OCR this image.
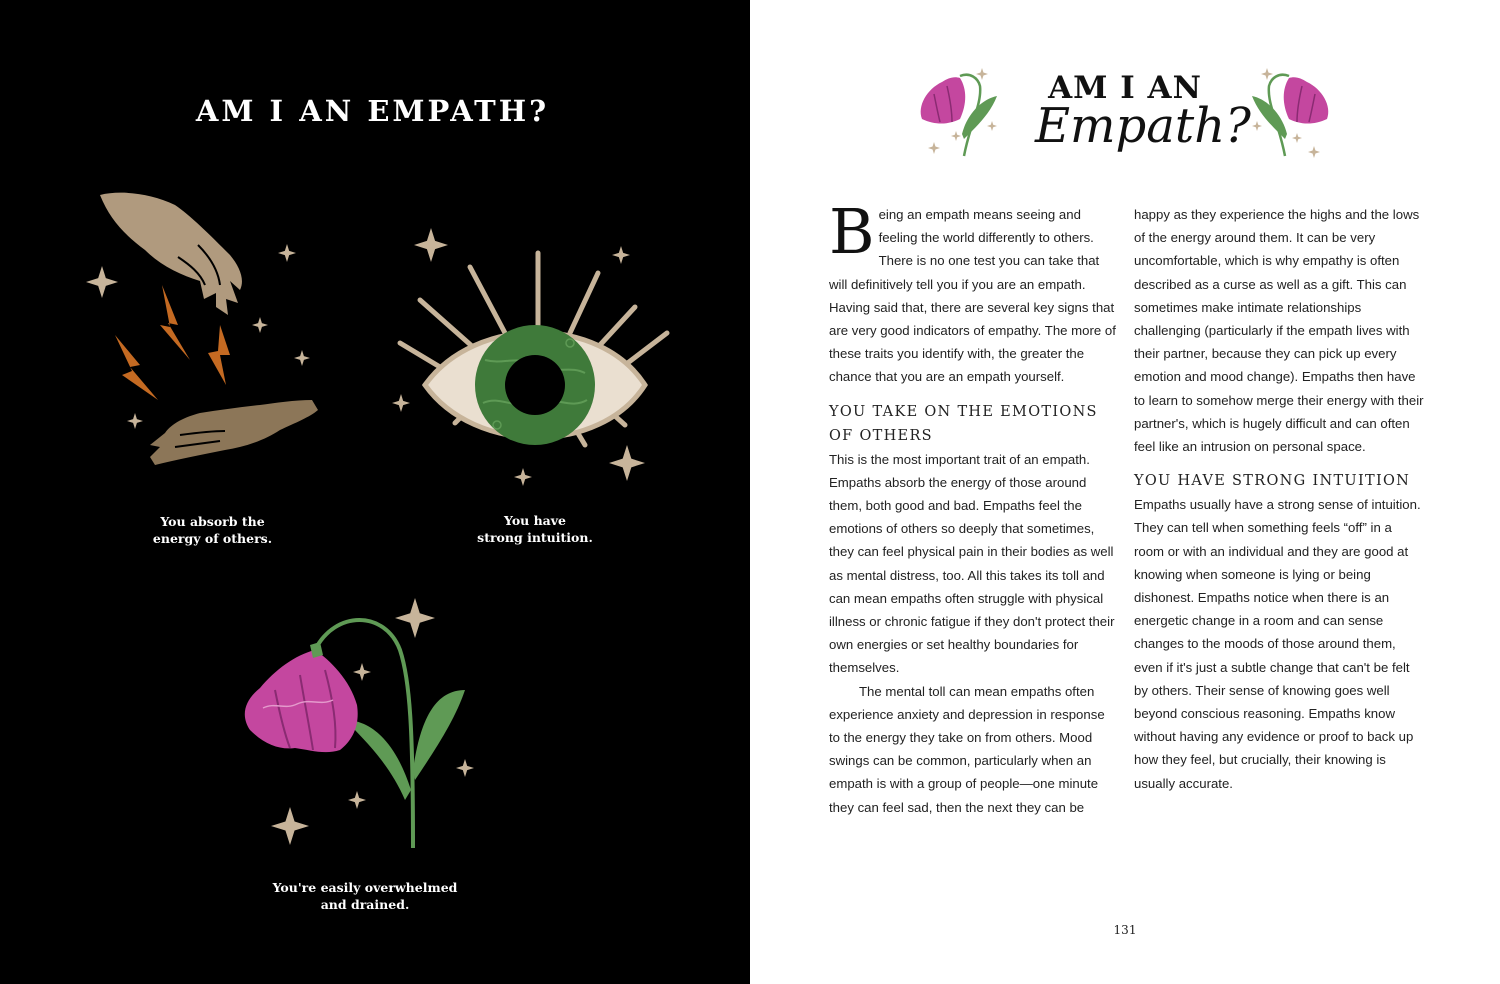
AM I AN EMPATH?
You absorb the
energy of others.
You have
strong intuition.
You're easily overwhelmed
and drained.
AM I AN
Empath?

Being an empath means seeing and feeling the world differently to others. There is no one test you can take that will definitively tell you if you are an empath. Having said that, there are several key signs that are very good indicators of empathy. The more of these traits you identify with, the greater the chance that you are an empath yourself.

YOU TAKE ON THE EMOTIONS OF OTHERS

This is the most important trait of an empath. Empaths absorb the energy of those around them, both good and bad. Empaths feel the emotions of others so deeply that sometimes, they can feel physical pain in their bodies as well as mental distress, too. All this takes its toll and can mean empaths often struggle with physical illness or chronic fatigue if they don't protect their own energies or set healthy boundaries for themselves.

The mental toll can mean empaths often experience anxiety and depression in response to the energy they take on from others. Mood swings can be common, particularly when an empath is with a group of people—one minute they can feel sad, then the next they can be

happy as they experience the highs and the lows of the energy around them. It can be very uncomfortable, which is why empathy is often described as a curse as well as a gift. This can sometimes make intimate relationships challenging (particularly if the empath lives with their partner, because they can pick up every emotion and mood change). Empaths then have to learn to somehow merge their energy with their partner's, which is hugely difficult and can often feel like an intrusion on personal space.

YOU HAVE STRONG INTUITION

Empaths usually have a strong sense of intuition. They can tell when something feels “off” in a room or with an individual and they are good at knowing when someone is lying or being dishonest. Empaths notice when there is an energetic change in a room and can sense changes to the moods of those around them, even if it's just a subtle change that can't be felt by others. Their sense of knowing goes well beyond conscious reasoning. Empaths know without having any evidence or proof to back up how they feel, but crucially, their knowing is usually accurate.

131
